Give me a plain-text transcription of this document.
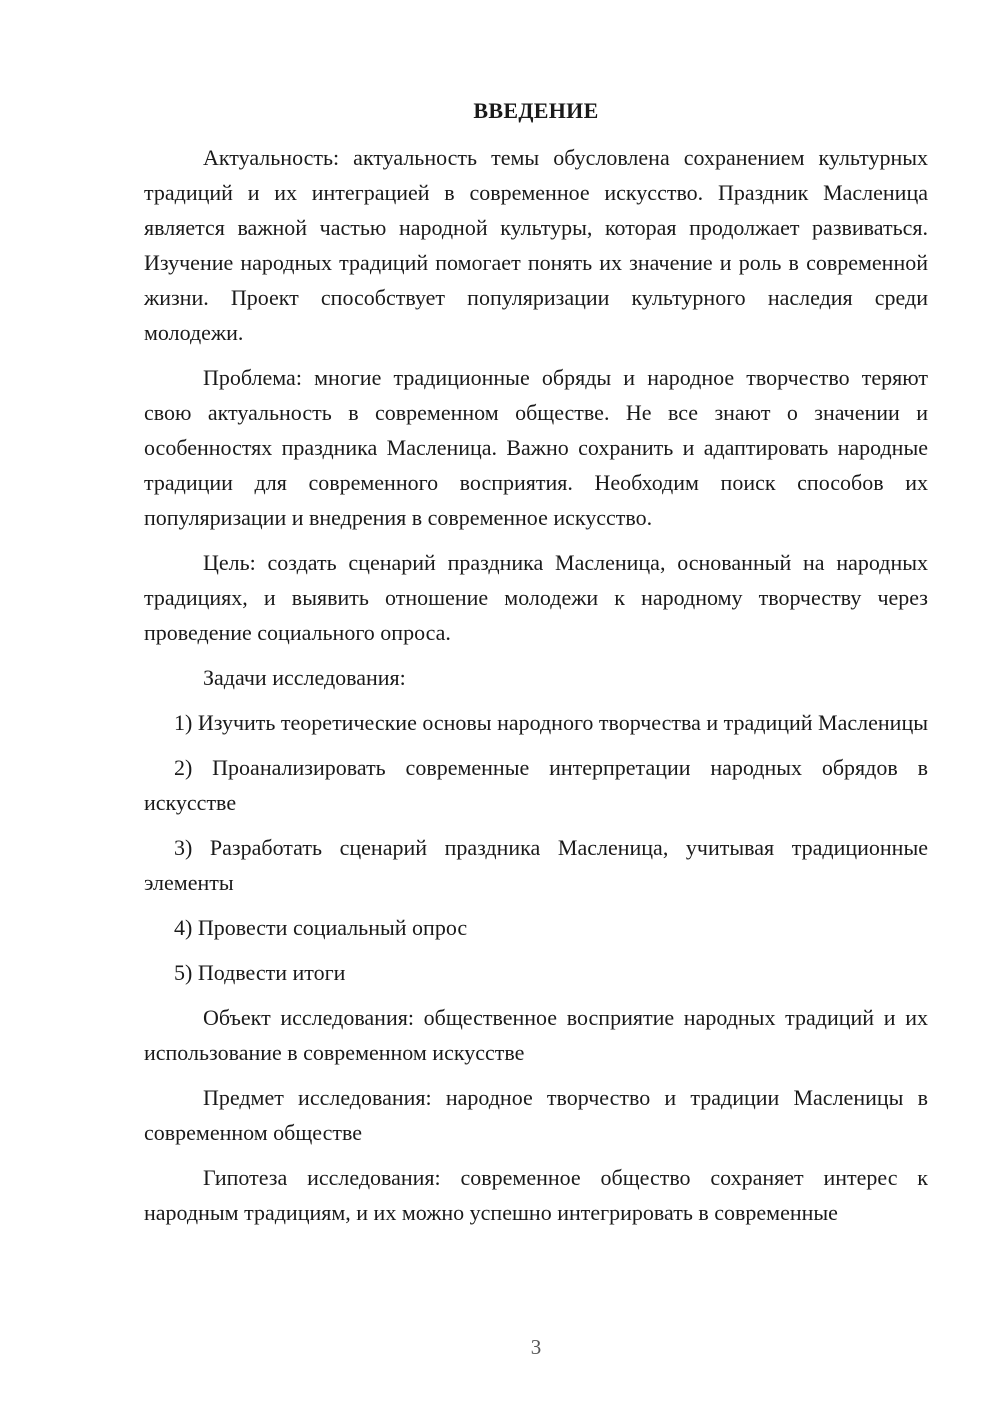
ВВЕДЕНИЕ

Актуальность: актуальность темы обусловлена сохранением культурных традиций и их интеграцией в современное искусство. Праздник Масленица является важной частью народной культуры, которая продолжает развиваться. Изучение народных традиций помогает понять их значение и роль в современной жизни. Проект способствует популяризации культурного наследия среди молодежи.

Проблема: многие традиционные обряды и народное творчество теряют свою актуальность в современном обществе. Не все знают о значении и особенностях праздника Масленица. Важно сохранить и адаптировать народные традиции для современного восприятия. Необходим поиск способов их популяризации и внедрения в современное искусство.

Цель: создать сценарий праздника Масленица, основанный на народных традициях, и выявить отношение молодежи к народному творчеству через проведение социального опроса.

Задачи исследования:

1) Изучить теоретические основы народного творчества и традиций Масленицы

2) Проанализировать современные интерпретации народных обрядов в искусстве

3) Разработать сценарий праздника Масленица, учитывая традиционные элементы

4) Провести социальный опрос

5) Подвести итоги

Объект исследования: общественное восприятие народных традиций и их использование в современном искусстве

Предмет исследования: народное творчество и традиции Масленицы в современном обществе

Гипотеза исследования: современное общество сохраняет интерес к народным традициям, и их можно успешно интегрировать в современные

3
